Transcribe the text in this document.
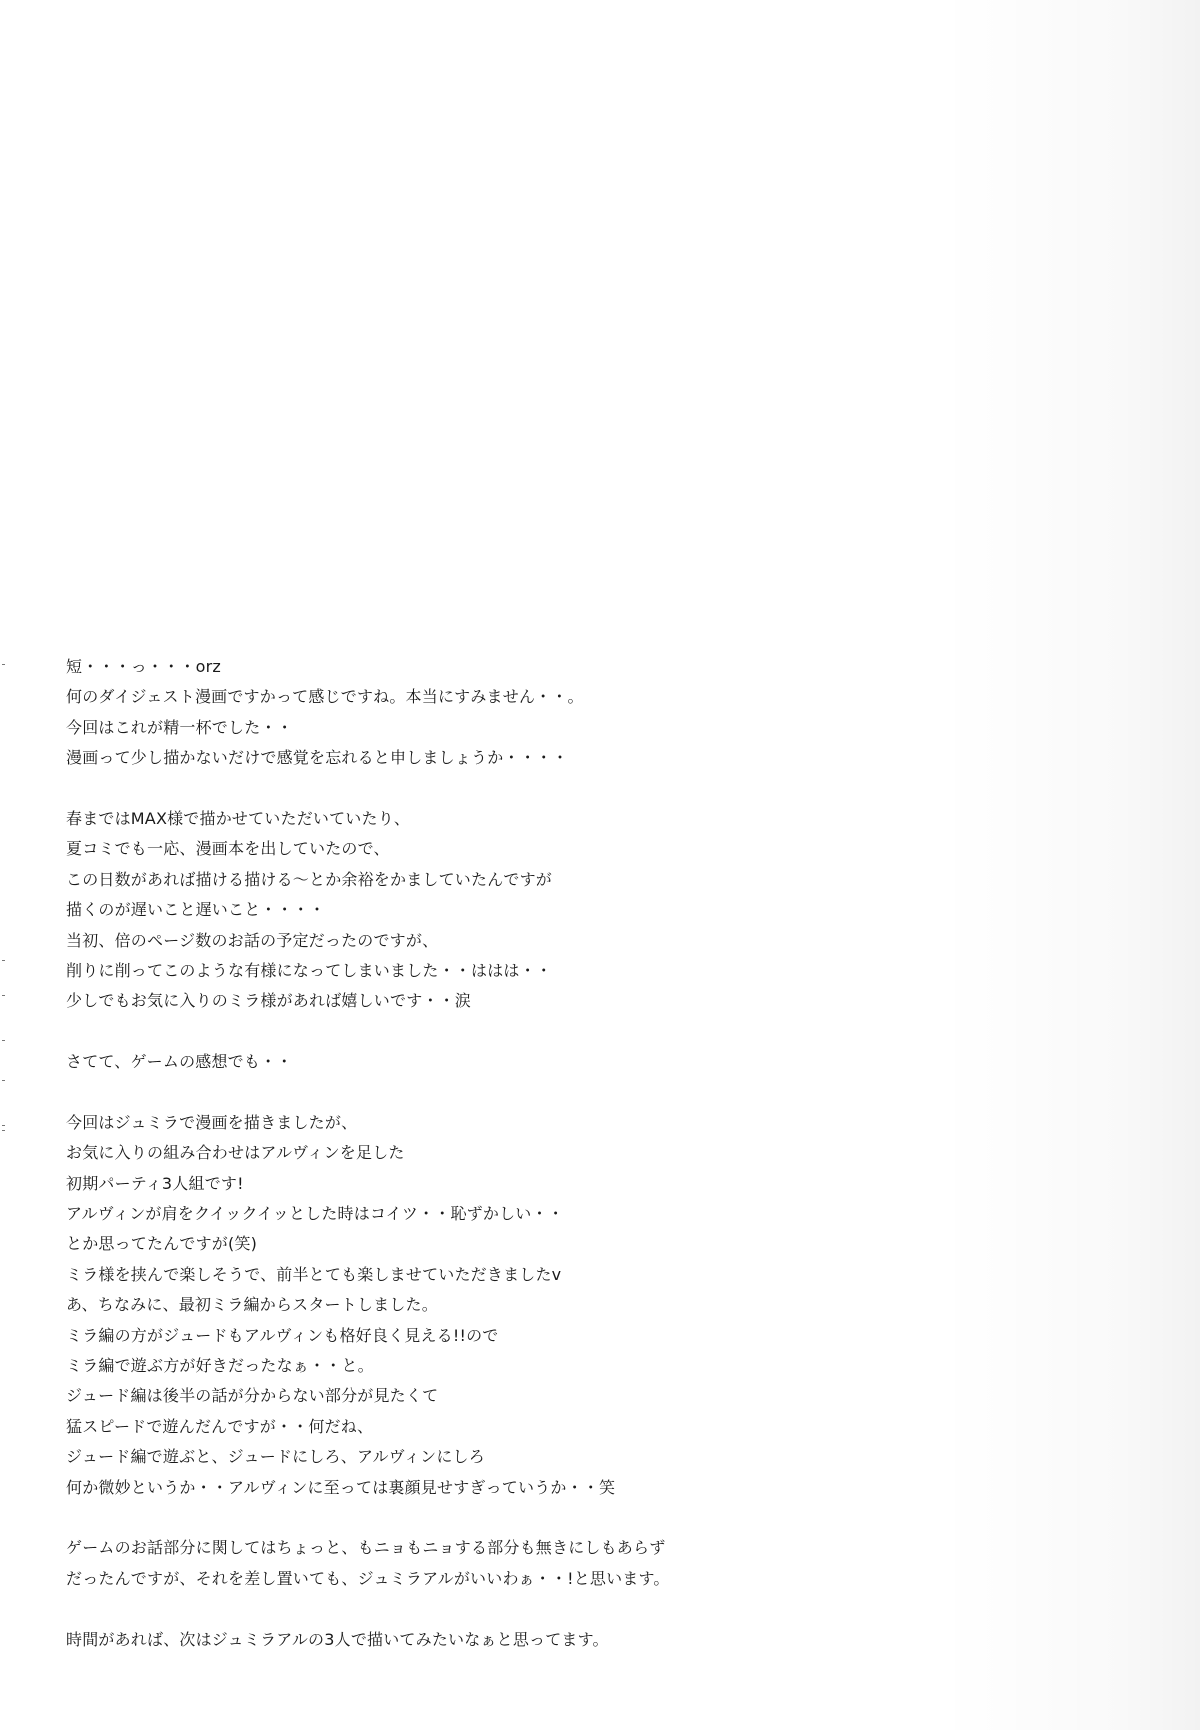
短・・・っ・・・orz
何のダイジェスト漫画ですかって感じですね。本当にすみません・・。
今回はこれが精一杯でした・・
漫画って少し描かないだけで感覚を忘れると申しましょうか・・・・
春まではMAX様で描かせていただいていたり、
夏コミでも一応、漫画本を出していたので、
この日数があれば描ける描ける〜とか余裕をかましていたんですが
描くのが遅いこと遅いこと・・・・
当初、倍のページ数のお話の予定だったのですが、
削りに削ってこのような有様になってしまいました・・ははは・・
少しでもお気に入りのミラ様があれば嬉しいです・・涙
さてて、ゲームの感想でも・・
今回はジュミラで漫画を描きましたが、
お気に入りの組み合わせはアルヴィンを足した
初期パーティ3人組です!
アルヴィンが肩をクイックイッとした時はコイツ・・恥ずかしい・・
とか思ってたんですが(笑)
ミラ様を挟んで楽しそうで、前半とても楽しませていただきましたv
あ、ちなみに、最初ミラ編からスタートしました。
ミラ編の方がジュードもアルヴィンも格好良く見える!!ので
ミラ編で遊ぶ方が好きだったなぁ・・と。
ジュード編は後半の話が分からない部分が見たくて
猛スピードで遊んだんですが・・何だね、
ジュード編で遊ぶと、ジュードにしろ、アルヴィンにしろ
何か微妙というか・・アルヴィンに至っては裏顔見せすぎっていうか・・笑
ゲームのお話部分に関してはちょっと、もニョもニョする部分も無きにしもあらず
だったんですが、それを差し置いても、ジュミラアルがいいわぁ・・!と思います。
時間があれば、次はジュミラアルの3人で描いてみたいなぁと思ってます。
